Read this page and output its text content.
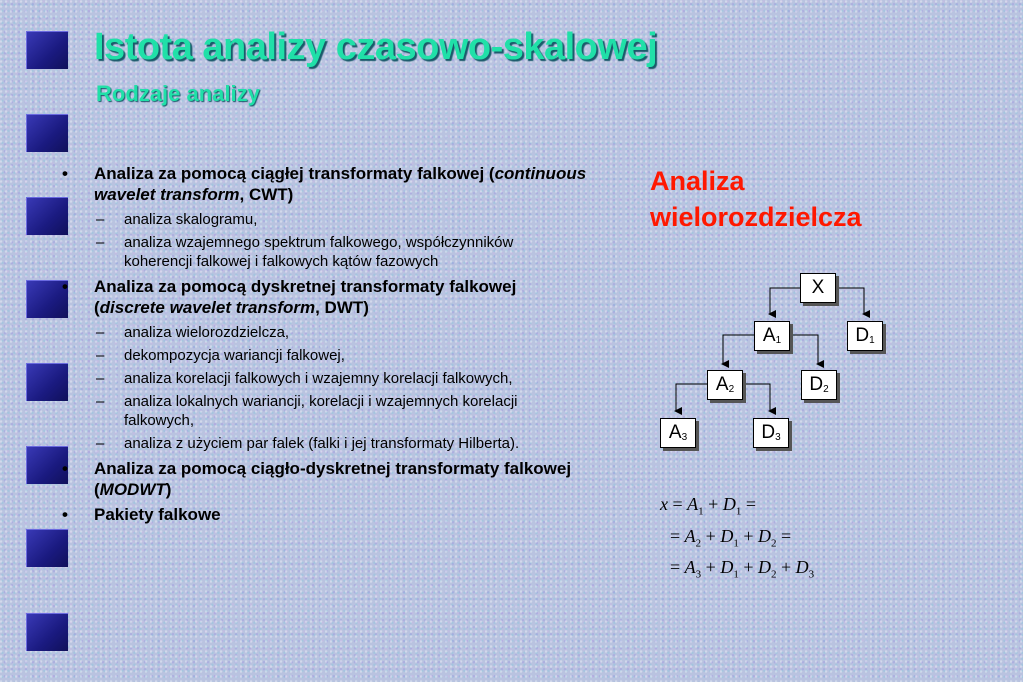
Istota analizy czasowo-skalowej
Rodzaje analizy
• Analiza za pomocą ciągłej transformaty falkowej (continuous wavelet transform, CWT)
– analiza skalogramu,
– analiza wzajemnego spektrum falkowego, współczynników koherencji falkowej i falkowych kątów fazowych
• Analiza za pomocą dyskretnej transformaty falkowej (discrete wavelet transform, DWT)
– analiza wielorozdzielcza,
– dekompozycja wariancji falkowej,
– analiza korelacji falkowych i wzajemny korelacji falkowych,
– analiza lokalnych wariancji, korelacji i wzajemnych korelacji falkowych,
– analiza z użyciem par falek (falki i jej transformaty Hilberta).
• Analiza za pomocą ciągło-dyskretnej transformaty falkowej (MODWT)
• Pakiety falkowe
Analiza wielorozdzielcza
X
$A_1$	$D_1$
$A_2$	$D_2$
$A_3$	$D_3$
$x = A_1 + D_1$ =
= $A_2 + D_1 + D_2$ =
= $A_3 + D_1 + D_2 + D_3$
